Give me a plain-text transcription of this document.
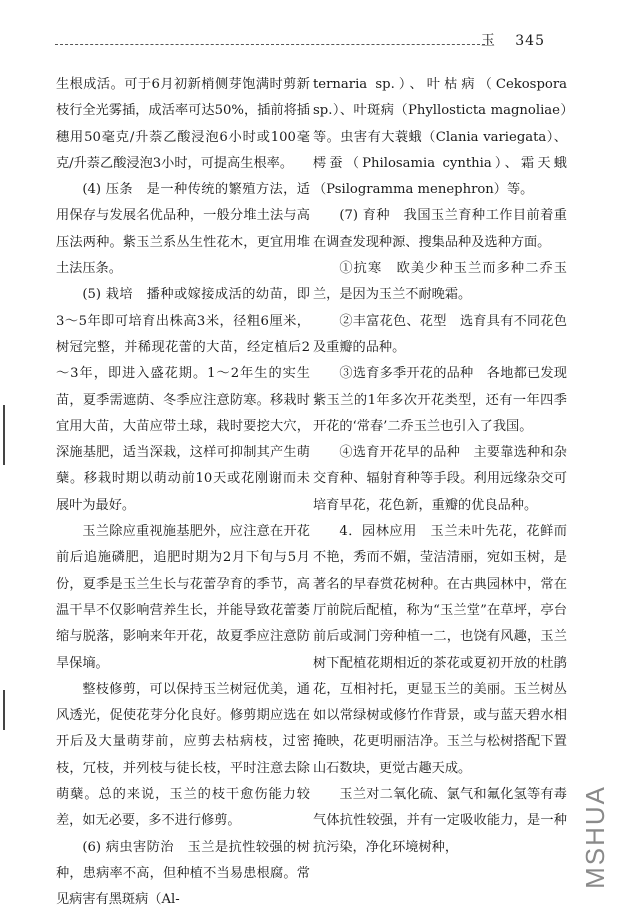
玉 345

生根成活。可于6月初新梢侧芽饱满时剪新枝行全光雾插，成活率可达50%，插前将插穗用50毫克/升萘乙酸浸泡6小时或100毫克/升萘乙酸浸泡3小时，可提高生根率。

(4) 压条　是一种传统的繁殖方法，适用保存与发展名优品种，一般分堆土法与高压法两种。紫玉兰系丛生性花木，更宜用堆土法压条。

(5) 栽培　播种或嫁接成活的幼苗，即3～5年即可培育出株高3米，径粗6厘米，树冠完整，并稀现花蕾的大苗，经定植后2～3年，即进入盛花期。1～2年生的实生苗，夏季需遮荫、冬季应注意防寒。移栽时宜用大苗，大苗应带土球，栽时要挖大穴，深施基肥，适当深栽，这样可抑制其产生萌蘖。移栽时期以萌动前10天或花刚谢而未展叶为最好。

玉兰除应重视施基肥外，应注意在开花前后追施磷肥，追肥时期为2月下旬与5月份，夏季是玉兰生长与花蕾孕育的季节，高温干旱不仅影响营养生长，并能导致花蕾萎缩与脱落，影响来年开花，故夏季应注意防旱保墒。

整枝修剪，可以保持玉兰树冠优美，通风透光，促使花芽分化良好。修剪期应选在开后及大量萌芽前，应剪去枯病枝，过密枝，冗枝，并列枝与徒长枝，平时注意去除萌蘖。总的来说，玉兰的枝干愈伤能力较差，如无必要，多不进行修剪。

(6) 病虫害防治　玉兰是抗性较强的树种，患病率不高，但种植不当易患根腐。常见病害有黑斑病（Al-

ternaria sp.）、叶枯病（Cekospora sp.）、叶斑病（Phyllosticta magnoliae）等。虫害有大蓑蛾（Clania variegata）、樗蚕（Philosamia cynthia）、霜天蛾（Psilogramma menephron）等。

(7) 育种　我国玉兰育种工作目前着重在调查发现种源、搜集品种及选种方面。

①抗寒　欧美少种玉兰而多种二乔玉兰，是因为玉兰不耐晚霜。

②丰富花色、花型　选育具有不同花色及重瓣的品种。

③选育多季开花的品种　各地都已发现紫玉兰的1年多次开花类型，还有一年四季开花的‘常春’二乔玉兰也引入了我国。

④选育开花早的品种　主要靠选种和杂交育种、辐射育种等手段。利用远缘杂交可培育早花，花色新，重瓣的优良品种。

4．园林应用　玉兰未叶先花，花鲜而不艳，秀而不媚，莹洁清丽，宛如玉树，是著名的早春赏花树种。在古典园林中，常在厅前院后配植，称为“玉兰堂”在草坪，亭台前后或洞门旁种植一二，也饶有风趣，玉兰树下配植花期相近的茶花或夏初开放的杜鹃花，互相衬托，更显玉兰的美丽。玉兰树丛如以常绿树或修竹作背景，或与蓝天碧水相掩映，花更明丽洁净。玉兰与松树搭配下置山石数块，更觉古趣天成。

玉兰对二氧化硫、氯气和氟化氢等有毒气体抗性较强，并有一定吸收能力，是一种抗污染，净化环境树种，	MSHUA
